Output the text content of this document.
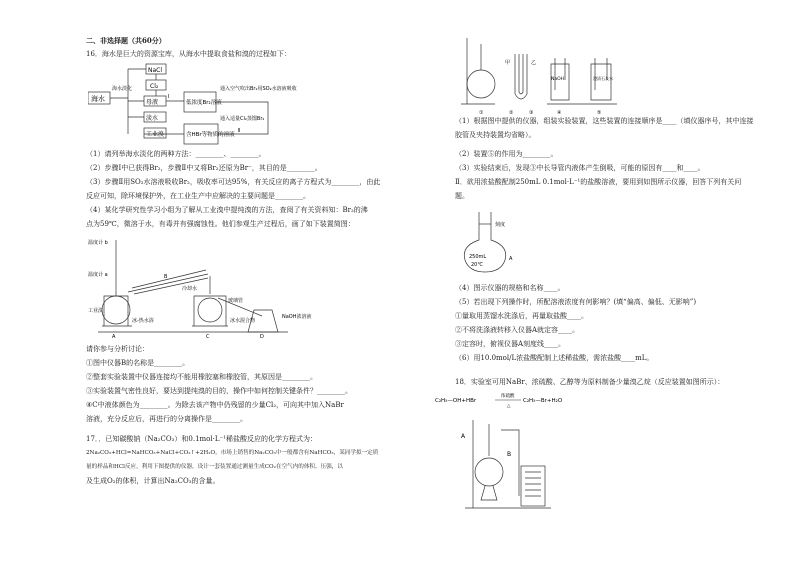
二、非选择题（共60分）
16．海水是巨大的资源宝库，从海水中提取食盐和溴的过程如下：
海水
海水淡化
NaCl
Cl₂
母液
淡水
工业溴
低浓度Br₂溶液
通入空气吹出Br₂用SO₂水溶液吸收
通入适量Cl₂蒸馏Br₂
含HBr等物质的溶液
Ⅰ
Ⅱ
（1）请列举海水淡化的两种方法：________、________。
（2）步骤Ⅰ中已获得Br₂，步骤Ⅱ中又将Br₂还原为Br⁻，其目的是________。
（3）步骤Ⅱ用SO₂水溶液吸收Br₂，吸收率可达95%，有关反应的离子方程式为________，由此
反应可知，除环境保护外，在工业生产中应解决的主要问题是________。
（4）某化学研究性学习小组为了解从工业溴中提纯溴的方法，查阅了有关资料知：Br₂的沸
点为59℃，微溶于水，有毒并有强腐蚀性。他们参观生产过程后，画了如下装置简图：
温度计 b
温度计 a	B
冷却水
工业溴
A
冰-热水浴
C
玻璃管
冰水混合物
D
NaOH浓溶液
请你参与分析讨论：
①图中仪器B的名称是________。
②整套实验装置中仪器连接均不能用橡胶塞和橡胶管，其原因是________。
③实验装置气密性良好，要达到提纯溴的目的，操作中如何控制关键条件？________。
④C中液体颜色为________。为除去该产物中仍残留的少量Cl₂，可向其中加入NaBr
溶液，充分反应后，再进行的分离操作是________。
17．．已知碳酸钠（Na₂CO₃）和0.1mol·L⁻¹稀盐酸反应的化学方程式为：
2Na₂CO₃+HCl=NaHCO₃+NaCl+CO₂↑+2H₂O，市场上销售的Na₂CO₃中一般都含有NaHCO₃，某同学拟一定质
量的样品和HCl反应，利用下图提供的仪器，设计一套装置通过测量生成CO₂在空气内的体积、压强，以
及生成O₂的体积，计算出Na₂CO₃的含量。
①	②	③	④	⑤
甲	乙
NaOH	澄清石灰水
（1）根据图中提供的仪器，组装实验装置，这些装置的连接顺序是____（填仪器序号，其中连接
胶管及夹持装置均省略）。
（2）装置⑤的作用为________。
（3）实验结束后，发现③中长导管内液体产生倒吸，可能的原因有____和____。
Ⅱ．欲用浓盐酸配制250mL 0.1mol·L⁻¹的盐酸溶液，要用到如图所示仪器，回答下列有关问
题。
刻度
250mL
20℃
A
（4）图示仪器的规格和名称____。
（5）若出现下列操作时，所配溶液浓度有何影响？(填“偏高、偏低、无影响”)
①量取用蒸馏水洗涤后，再量取盐酸____。
②不将洗涤液转移入仪器A就定容____。
③定容时，俯视仪器A刻度线____。
（6）用10.0mol/L浓盐酸配制上述稀盐酸，需浓盐酸____mL。
18．实验室可用NaBr、浓硫酸、乙醇等为原料制备少量溴乙烷（反应装置如图所示）：
C₂H₅—OH+HBr
浓硫酸
△
C₂H₅—Br+H₂O
A
B
